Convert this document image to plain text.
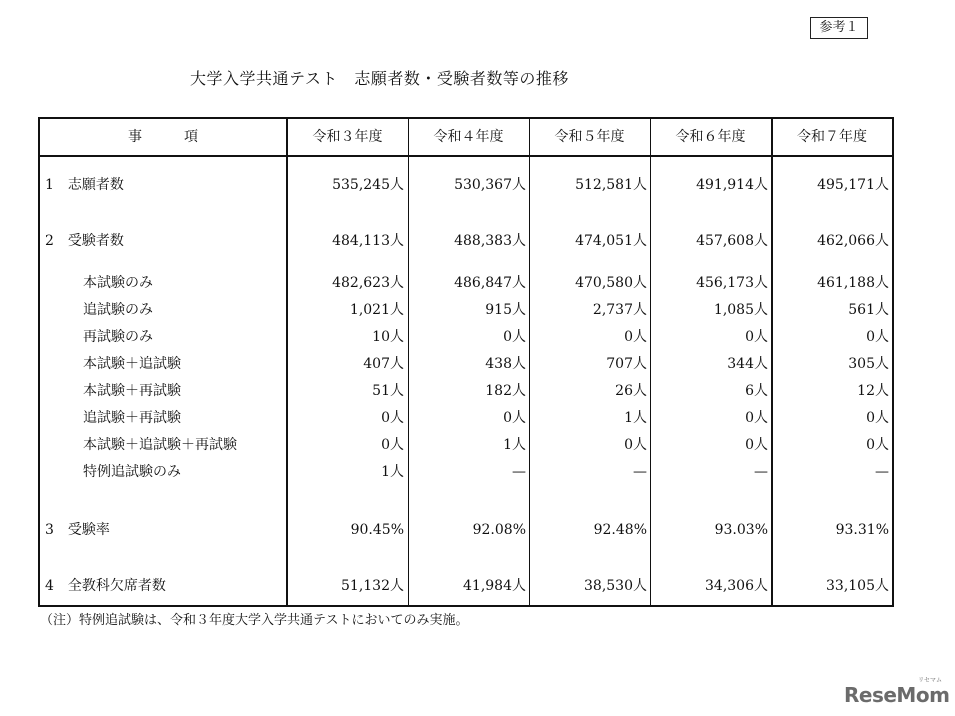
参考１
大学入学共通テスト　志願者数・受験者数等の推移
事　　　項	令和３年度	令和４年度	令和５年度	令和６年度	令和７年度
1　志願者数	535,245人	530,367人	512,581人	491,914人	495,171人
2　受験者数	484,113人	488,383人	474,051人	457,608人	462,066人
本試験のみ	482,623人	486,847人	470,580人	456,173人	461,188人
追試験のみ	1,021人	915人	2,737人	1,085人	561人
再試験のみ	10人	0人	0人	0人	0人
本試験＋追試験	407人	438人	707人	344人	305人
本試験＋再試験	51人	182人	26人	6人	12人
追試験＋再試験	0人	0人	1人	0人	0人
本試験＋追試験＋再試験	0人	1人	0人	0人	0人
特例追試験のみ	1人	—	—	—	—
3　受験率	90.45%	92.08%	92.48%	93.03%	93.31%
4　全教科欠席者数	51,132人	41,984人	38,530人	34,306人	33,105人
（注）特例追試験は、令和３年度大学入学共通テストにおいてのみ実施。
ReseMom
リセマム
